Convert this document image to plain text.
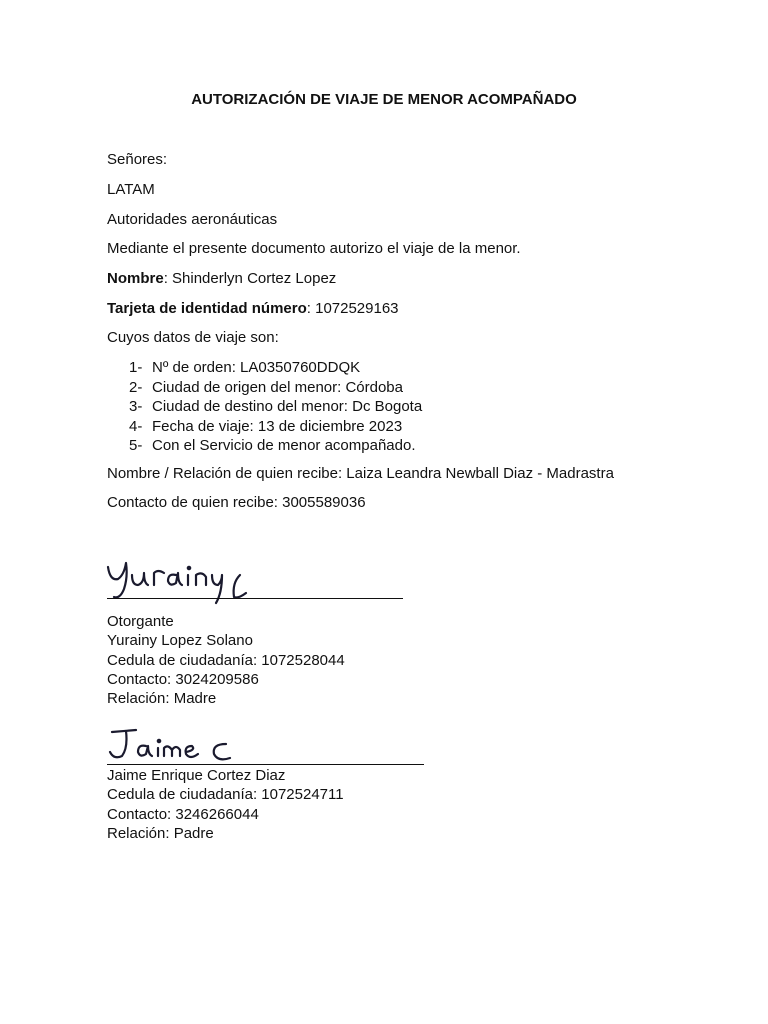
AUTORIZACIÓN DE VIAJE DE MENOR ACOMPAÑADO
Señores:
LATAM
Autoridades aeronáuticas
Mediante el presente documento autorizo el viaje de la menor.
Nombre: Shinderlyn Cortez Lopez
Tarjeta de identidad número: 1072529163
Cuyos datos de viaje son:
1- Nº de orden: LA0350760DDQK
2- Ciudad de origen del menor: Córdoba
3- Ciudad de destino del menor: Dc Bogota
4- Fecha de viaje: 13 de diciembre 2023
5- Con el Servicio de menor acompañado.
Nombre / Relación de quien recibe: Laiza Leandra Newball Diaz - Madrastra
Contacto de quien recibe: 3005589036
Otorgante
Yurainy Lopez Solano
Cedula de ciudadanía: 1072528044
Contacto: 3024209586
Relación: Madre
Jaime Enrique Cortez Diaz
Cedula de ciudadanía: 1072524711
Contacto: 3246266044
Relación: Padre
